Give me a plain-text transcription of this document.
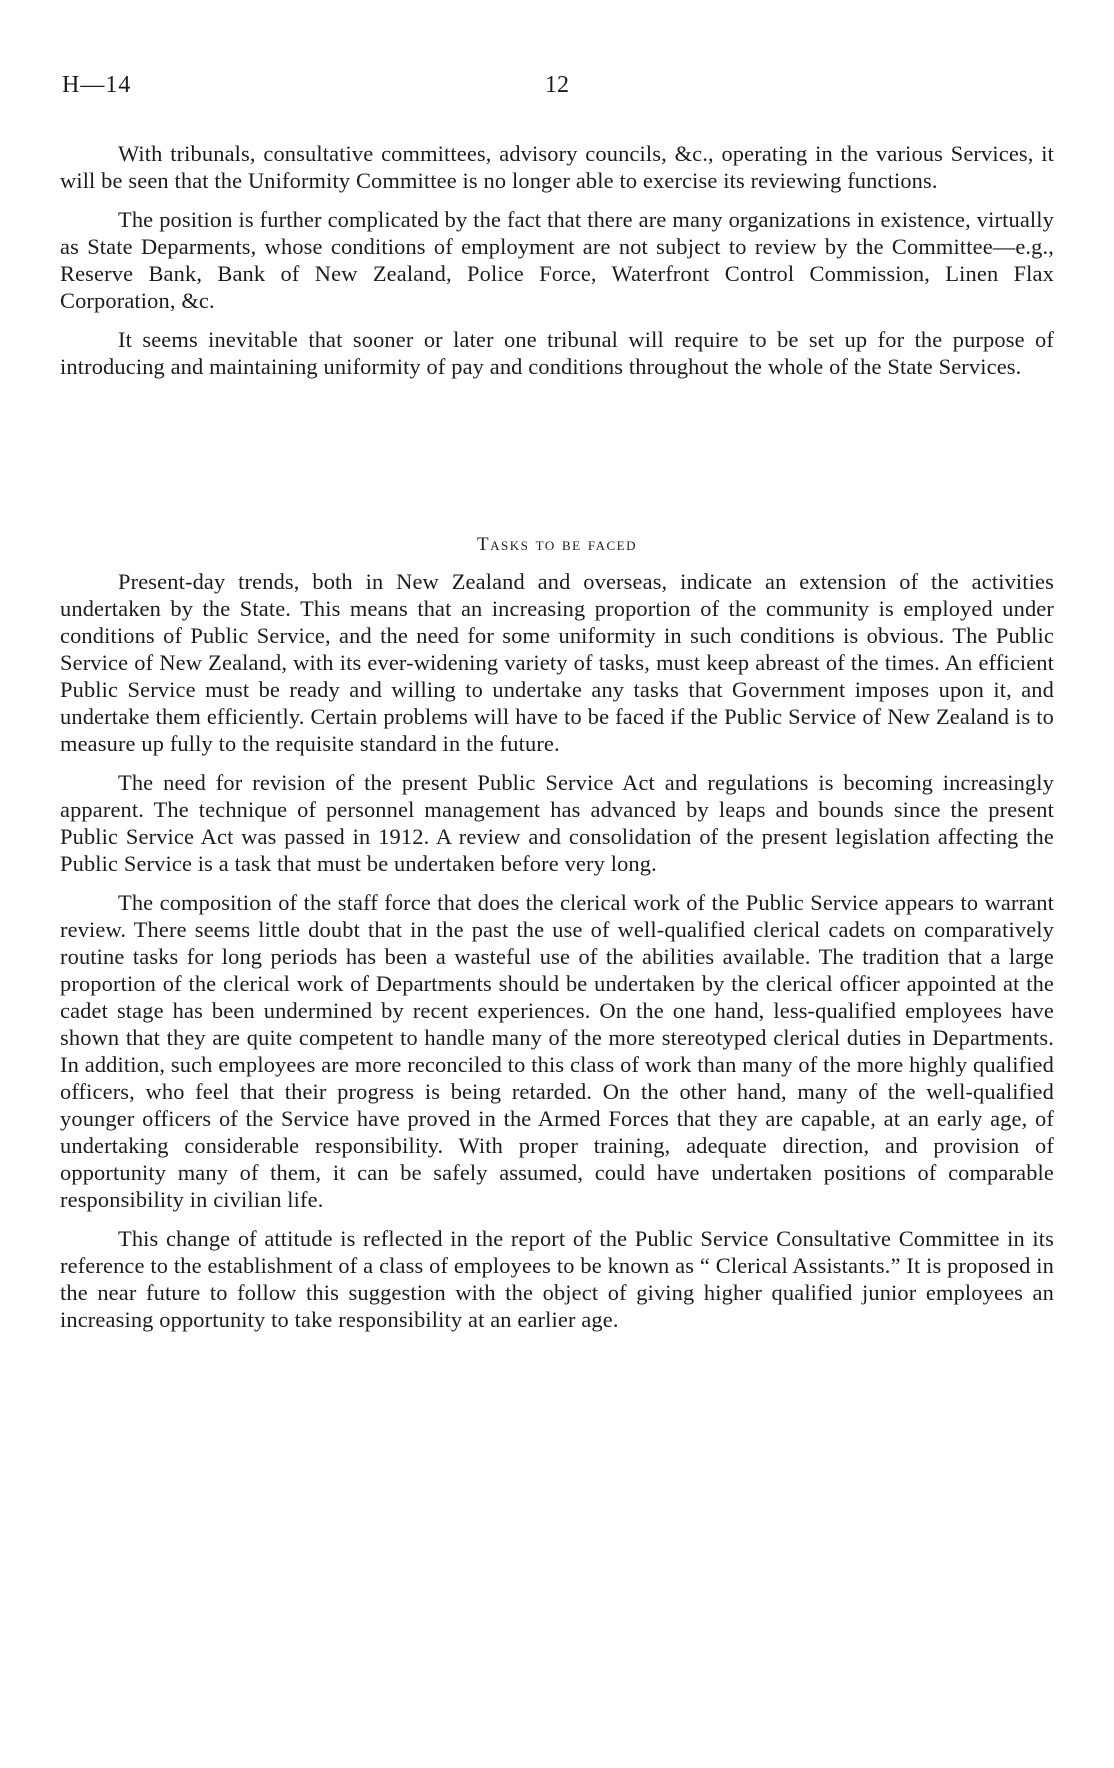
H—14	12

With tribunals, consultative committees, advisory councils, &c., operating in the various Services, it will be seen that the Uniformity Committee is no longer able to exercise its reviewing functions.

The position is further complicated by the fact that there are many organizations in existence, virtually as State Deparments, whose conditions of employment are not subject to review by the Committee—e.g., Reserve Bank, Bank of New Zealand, Police Force, Waterfront Control Commission, Linen Flax Corporation, &c.

It seems inevitable that sooner or later one tribunal will require to be set up for the purpose of introducing and maintaining uniformity of pay and conditions throughout the whole of the State Services.

Tasks to be faced

Present-day trends, both in New Zealand and overseas, indicate an extension of the activities undertaken by the State. This means that an increasing proportion of the community is employed under conditions of Public Service, and the need for some uniformity in such conditions is obvious. The Public Service of New Zealand, with its ever-widening variety of tasks, must keep abreast of the times. An efficient Public Service must be ready and willing to undertake any tasks that Government imposes upon it, and undertake them efficiently. Certain problems will have to be faced if the Public Service of New Zealand is to measure up fully to the requisite standard in the future.

The need for revision of the present Public Service Act and regulations is becoming increasingly apparent. The technique of personnel management has advanced by leaps and bounds since the present Public Service Act was passed in 1912. A review and consolidation of the present legislation affecting the Public Service is a task that must be undertaken before very long.

The composition of the staff force that does the clerical work of the Public Service appears to warrant review. There seems little doubt that in the past the use of well-qualified clerical cadets on comparatively routine tasks for long periods has been a wasteful use of the abilities available. The tradition that a large proportion of the clerical work of Departments should be undertaken by the clerical officer appointed at the cadet stage has been undermined by recent experiences. On the one hand, less-qualified employees have shown that they are quite competent to handle many of the more stereotyped clerical duties in Departments. In addition, such employees are more reconciled to this class of work than many of the more highly qualified officers, who feel that their progress is being retarded. On the other hand, many of the well-qualified younger officers of the Service have proved in the Armed Forces that they are capable, at an early age, of undertaking considerable responsibility. With proper training, adequate direction, and provision of opportunity many of them, it can be safely assumed, could have undertaken positions of comparable responsibility in civilian life.

This change of attitude is reflected in the report of the Public Service Consultative Committee in its reference to the establishment of a class of employees to be known as “ Clerical Assistants.” It is proposed in the near future to follow this suggestion with the object of giving higher qualified junior employees an increasing opportunity to take responsibility at an earlier age.
